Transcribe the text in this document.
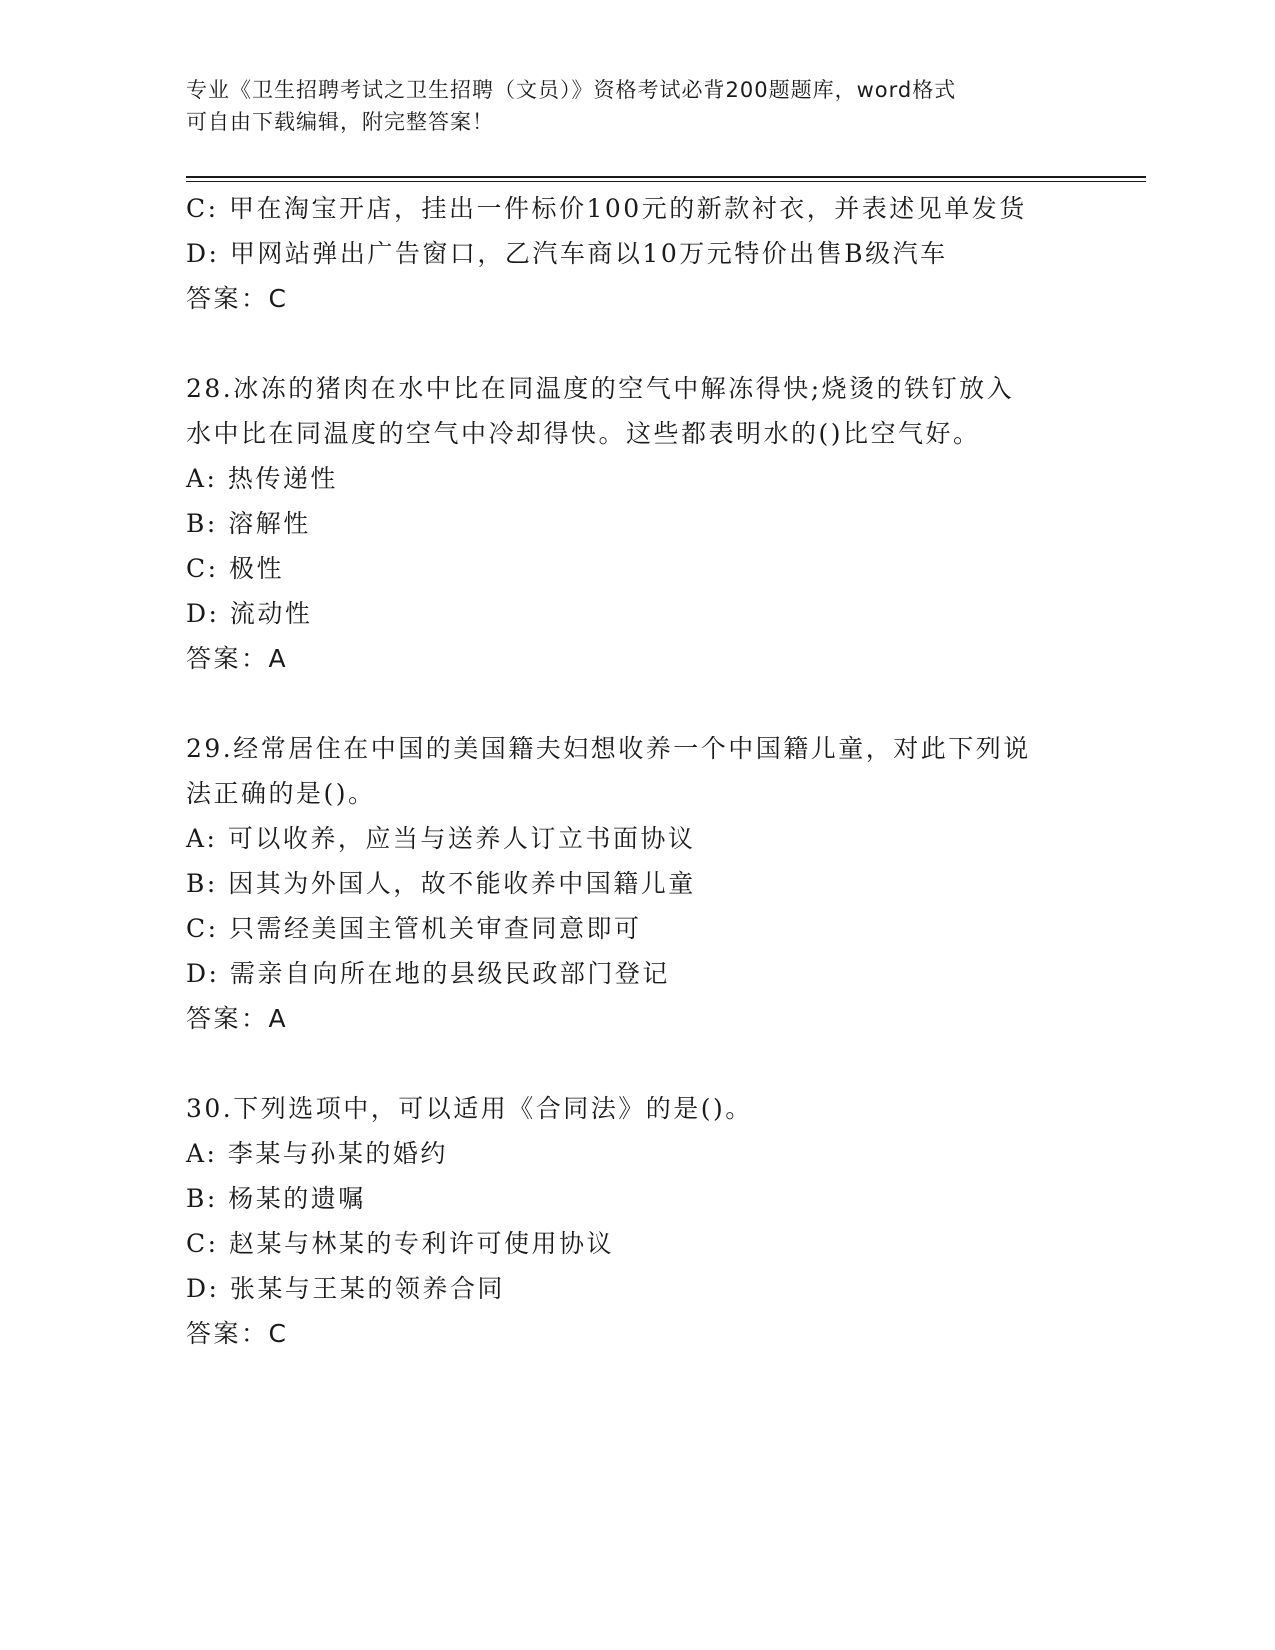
专业《卫生招聘考试之卫生招聘（文员）》资格考试必背200题题库，word格式
可自由下载编辑，附完整答案！
C: 甲在淘宝开店，挂出一件标价100元的新款衬衣，并表述见单发货
D: 甲网站弹出广告窗口，乙汽车商以10万元特价出售B级汽车
答案：C
28.冰冻的猪肉在水中比在同温度的空气中解冻得快;烧烫的铁钉放入
水中比在同温度的空气中冷却得快。这些都表明水的()比空气好。
A: 热传递性
B: 溶解性
C: 极性
D: 流动性
答案：A
29.经常居住在中国的美国籍夫妇想收养一个中国籍儿童，对此下列说
法正确的是()。
A: 可以收养，应当与送养人订立书面协议
B: 因其为外国人，故不能收养中国籍儿童
C: 只需经美国主管机关审查同意即可
D: 需亲自向所在地的县级民政部门登记
答案：A
30.下列选项中，可以适用《合同法》的是()。
A: 李某与孙某的婚约
B: 杨某的遗嘱
C: 赵某与林某的专利许可使用协议
D: 张某与王某的领养合同
答案：C
